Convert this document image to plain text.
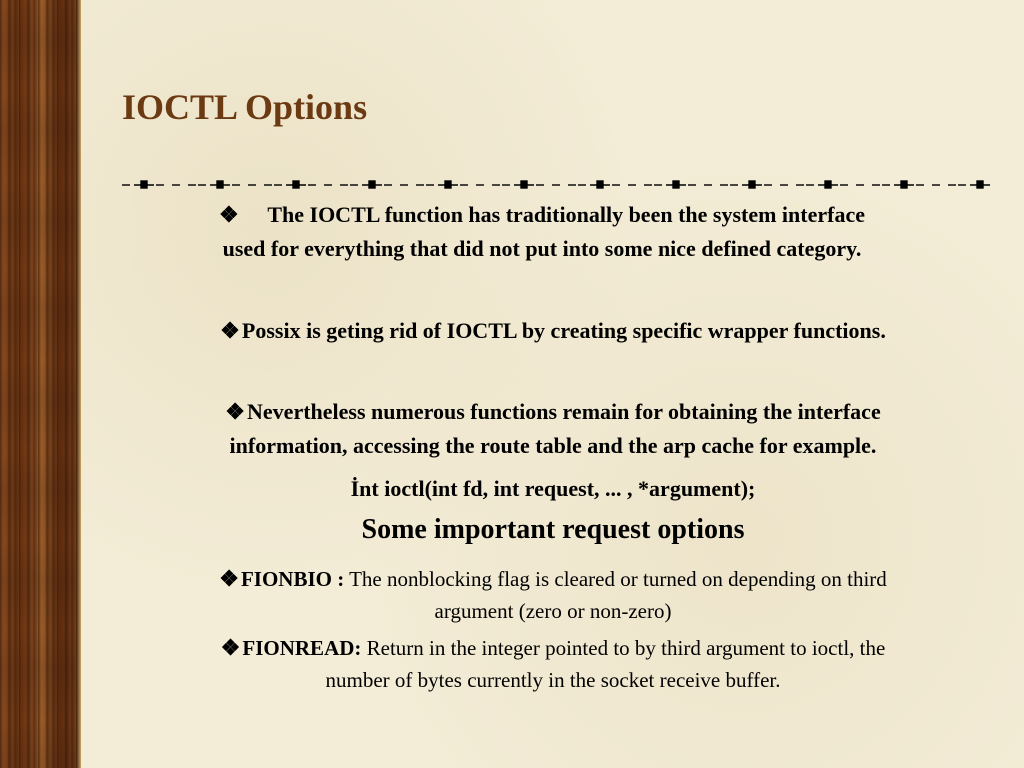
IOCTL Options
❖ The IOCTL function has traditionally been the system interface
used for everything that did not put into some nice defined category.
❖Possix is geting rid of IOCTL by creating specific wrapper functions.
❖Nevertheless numerous functions remain for obtaining the interface
information, accessing the route table and the arp cache for example.
İnt ioctl(int fd, int request, ... , *argument);
Some important request options
❖FIONBIO : The nonblocking flag is cleared or turned on depending on third
argument (zero or non-zero)
❖FIONREAD: Return in the integer pointed to by third argument to ioctl, the
number of bytes currently in the socket receive buffer.
